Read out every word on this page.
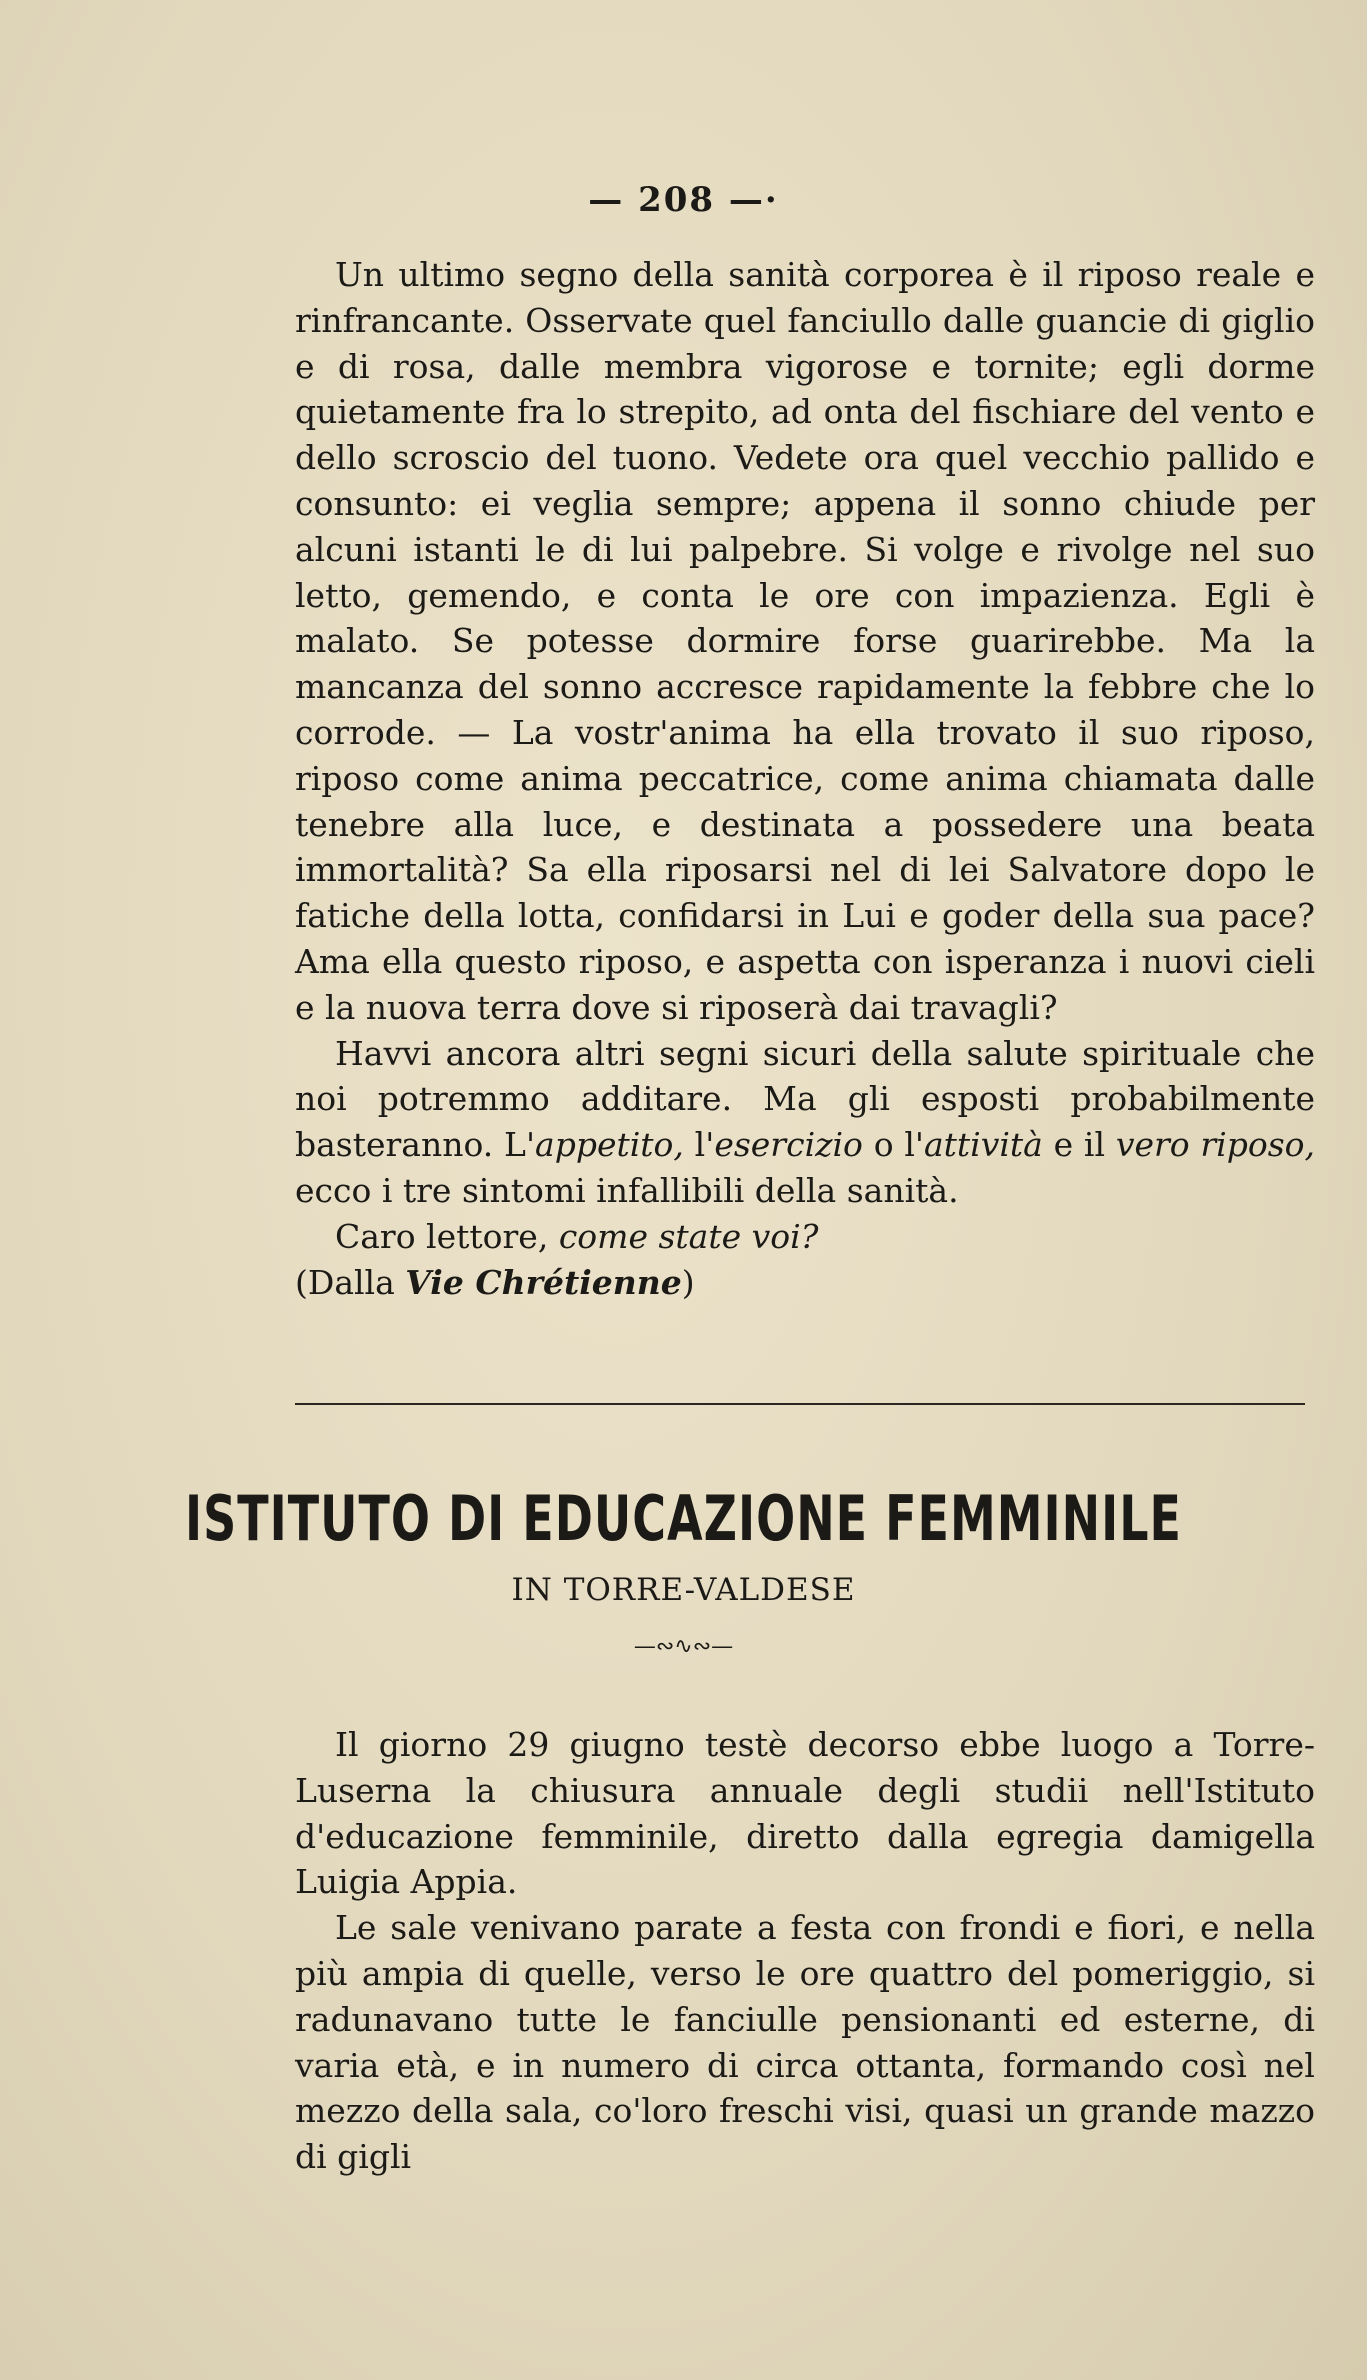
— 208 —·

Un ultimo segno della sanità corporea è il riposo reale e rinfrancante. Osservate quel fanciullo dalle guancie di giglio e di rosa, dalle membra vigorose e tornite; egli dorme quietamente fra lo strepito, ad onta del fischiare del vento e dello scroscio del tuono. Vedete ora quel vecchio pallido e consunto: ei veglia sempre; appena il sonno chiude per alcuni istanti le di lui palpebre. Si volge e rivolge nel suo letto, gemendo, e conta le ore con impazienza. Egli è malato. Se potesse dormire forse guarirebbe. Ma la mancanza del sonno accresce rapidamente la febbre che lo corrode. — La vostr'anima ha ella trovato il suo riposo, riposo come anima peccatrice, come anima chiamata dalle tenebre alla luce, e destinata a possedere una beata immortalità? Sa ella riposarsi nel di lei Salvatore dopo le fatiche della lotta, confidarsi in Lui e goder della sua pace? Ama ella questo riposo, e aspetta con isperanza i nuovi cieli e la nuova terra dove si riposerà dai travagli?

Havvi ancora altri segni sicuri della salute spirituale che noi potremmo additare. Ma gli esposti probabilmente basteranno. L'appetito, l'esercizio o l'attività e il vero riposo, ecco i tre sintomi infallibili della sanità.

Caro lettore, come state voi?

(Dalla Vie Chrétienne)

ISTITUTO DI EDUCAZIONE FEMMINILE
IN TORRE-VALDESE
—∾∿∾—

Il giorno 29 giugno testè decorso ebbe luogo a Torre-Luserna la chiusura annuale degli studii nell'Istituto d'educazione femminile, diretto dalla egregia damigella Luigia Appia.

Le sale venivano parate a festa con frondi e fiori, e nella più ampia di quelle, verso le ore quattro del pomeriggio, si radunavano tutte le fanciulle pensionanti ed esterne, di varia età, e in numero di circa ottanta, formando così nel mezzo della sala, co'loro freschi visi, quasi un grande mazzo di gigli
